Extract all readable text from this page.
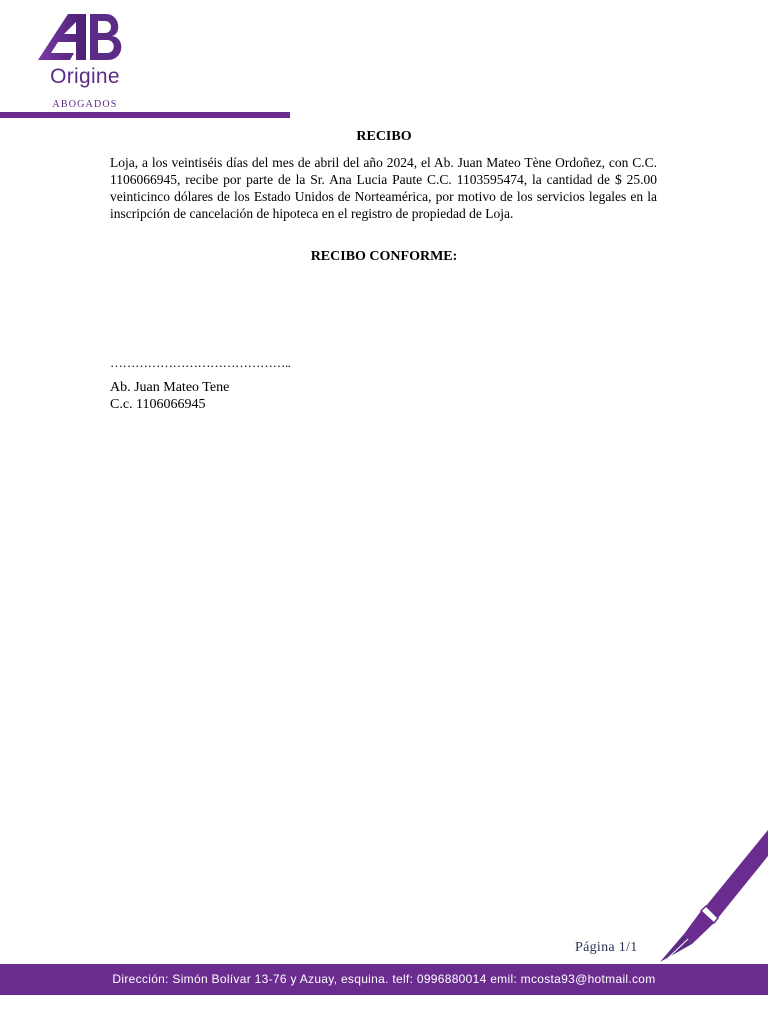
Origine
ABOGADOS
RECIBO
Loja, a los veintiséis días del mes de abril del año 2024, el Ab. Juan Mateo Tène Ordoñez, con C.C. 1106066945, recibe por parte de la Sr. Ana Lucia Paute C.C. 1103595474, la cantidad de $ 25.00 veinticinco dólares de los Estado Unidos de Norteamérica, por motivo de los servicios legales en la inscripción de cancelación de hipoteca en el registro de propiedad de Loja.
RECIBO CONFORME:
……………………………………..
Ab. Juan Mateo Tene
C.c. 1106066945
Página 1/1
Dirección: Simón Bolívar 13-76 y Azuay, esquina. telf: 0996880014 emil: mcosta93@hotmail.com
